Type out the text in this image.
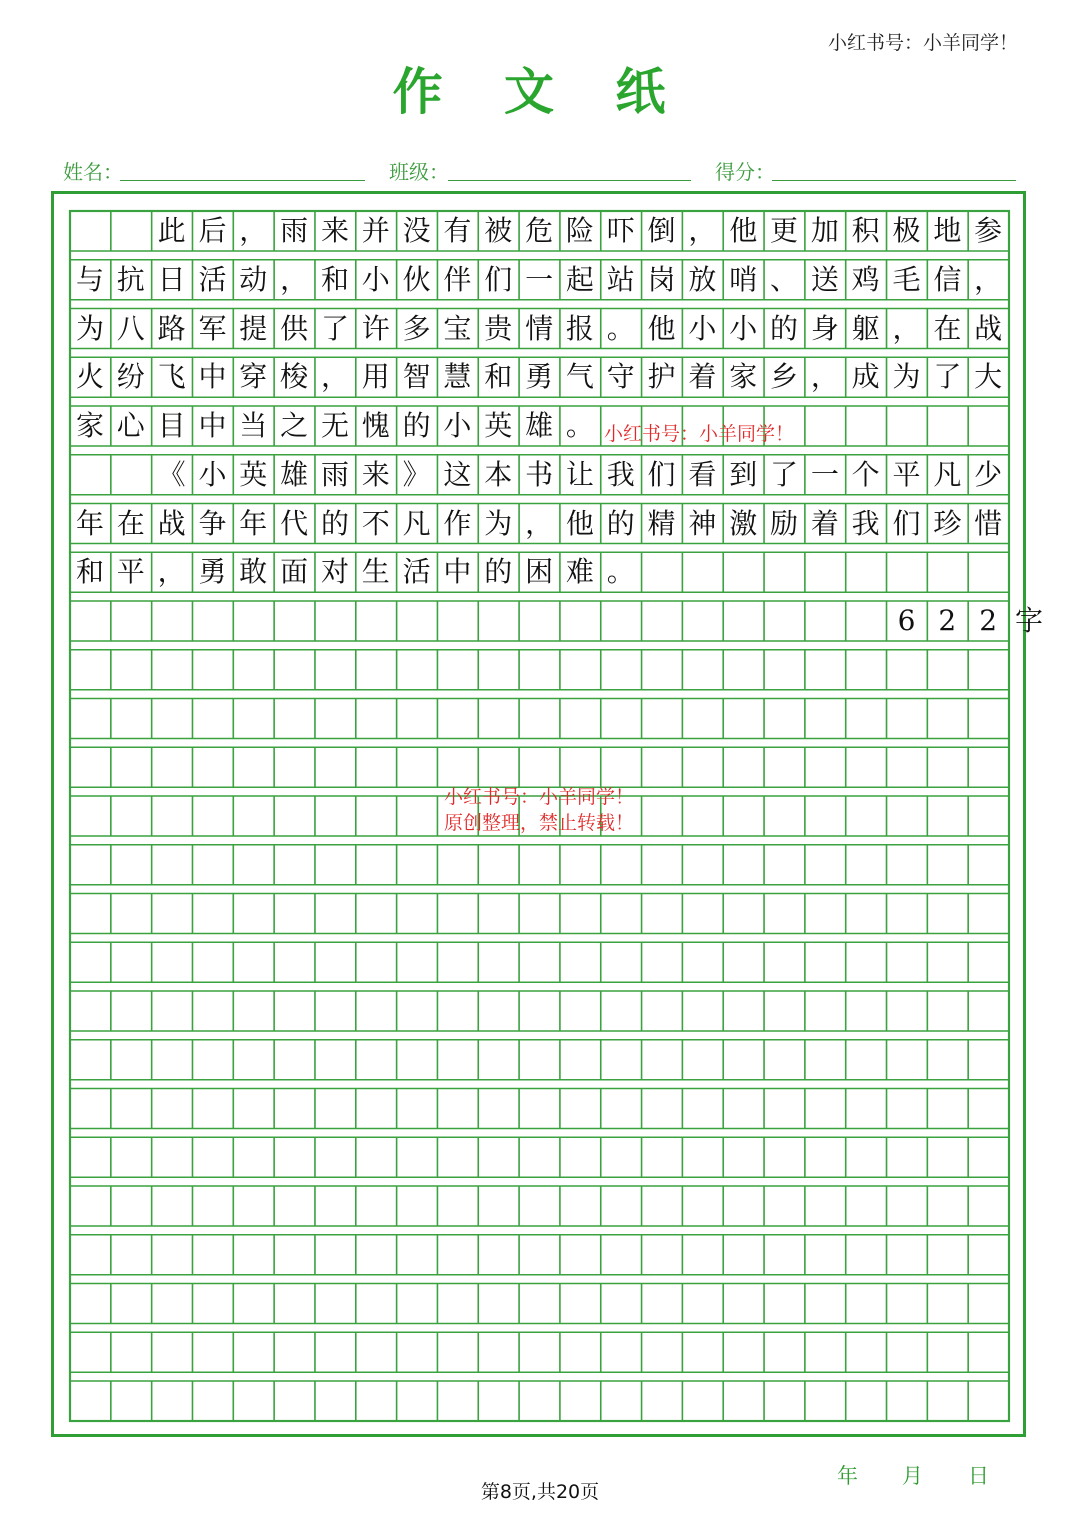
小红书号：小羊同学！
作 文 纸
姓名：	班级：	得分：
此 后 ， 雨 来 并 没 有 被 危 险 吓 倒 ， 他 更 加 积 极 地 参
与 抗 日 活 动 ， 和 小 伙 伴 们 一 起 站 岗 放 哨 、 送 鸡 毛 信 ，
为 八 路 军 提 供 了 许 多 宝 贵 情 报 。 他 小 小 的 身 躯 ， 在 战
火 纷 飞 中 穿 梭 ， 用 智 慧 和 勇 气 守 护 着 家 乡 ， 成 为 了 大
家 心 目 中 当 之 无 愧 的 小 英 雄 。
《 小 英 雄 雨 来 》 这 本 书 让 我 们 看 到 了 一 个 平 凡 少
年 在 战 争 年 代 的 不 凡 作 为 ， 他 的 精 神 激 励 着 我 们 珍 惜
和 平 ， 勇 敢 面 对 生 活 中 的 困 难 。
6 2 2 字
小红书号：小羊同学！
小红书号：小羊同学！
原创整理，禁止转载！
第8页,共20页
年 月 日
